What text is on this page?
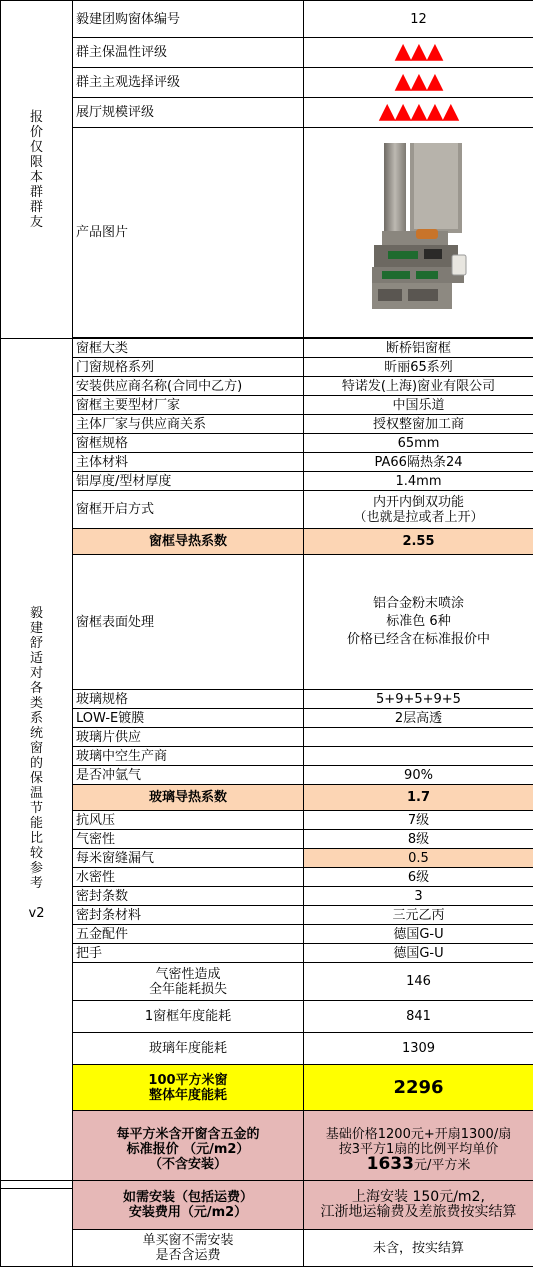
报价仅限本群群友	毅建团购窗体编号	12
	群主保温性评级	▲▲▲
	群主主观选择评级	▲▲▲
	展厅规模评级	▲▲▲▲▲
	产品图片	

毅建舒适对各类系统窗的保温节能比较参考

v2	窗框大类	断桥铝窗框
	门窗规格系列	昕丽65系列
	安装供应商名称(合同中乙方)	特诺发(上海)窗业有限公司
	窗框主要型材厂家	中国乐道
	主体厂家与供应商关系	授权整窗加工商
	窗框规格	65mm
	主体材料	PA66隔热条24
	铝厚度/型材厚度	1.4mm
	窗框开启方式	内开内倒双功能
（也就是拉或者上开）
	窗框导热系数	2.55
	窗框表面处理	铝合金粉末喷涂
标准色 6种
价格已经含在标准报价中
	玻璃规格	5+9+5+9+5
	LOW-E镀膜	2层高透
	玻璃片供应	
	玻璃中空生产商	
	是否冲氩气	90%
	玻璃导热系数	1.7
	抗风压	7级
	气密性	8级
	每米窗缝漏气	0.5
	水密性	6级
	密封条数	3
	密封条材料	三元乙丙
	五金配件	德国G-U
	把手	德国G-U
	气密性造成
全年能耗损失	146
	1窗框年度能耗	841
	玻璃年度能耗	1309
	100平方米窗
整体年度能耗	2296
	每平方米含开窗含五金的
标准报价 （元/m2）
（不含安装）	基础价格1200元+开扇1300/扇
按3平方1扇的比例平均单价
1633元/平方米
	如需安装（包括运费）
安装费用（元/m2）	上海安装 150元/m2,
江浙地运输费及差旅费按实结算
	单买窗不需安装
是否含运费	未含，按实结算
